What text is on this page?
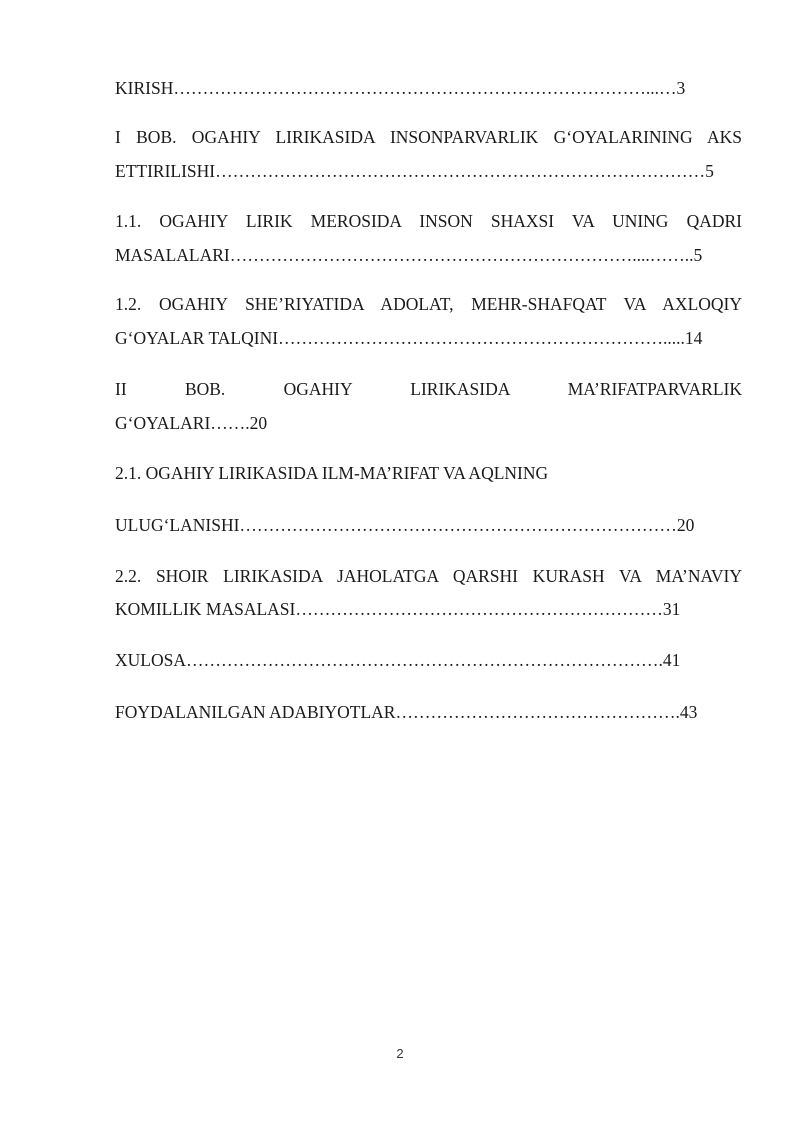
KIRISH………………………………………………………………………...…3
I BOB. OGAHIY LIRIKASIDA INSONPARVARLIK G‘OYALARINING AKS
ETTIRILISHI…………………………………………………………………………5
1.1. OGAHIY LIRIK MEROSIDA INSON SHAXSI VA UNING QADRI
MASALALARI……………………………………………………………....……..5
1.2. OGAHIY SHE’RIYATIDA ADOLAT, MEHR-SHAFQAT VA AXLOQIY
G‘OYALAR TALQINI………………………………………………………….....14
II BOB. OGAHIY LIRIKASIDA MA’RIFATPARVARLIK
G‘OYALARI…….20
2.1. OGAHIY LIRIKASIDA ILM-MA’RIFAT VA AQLNING
ULUG‘LANISHI…………………………………………………………………20
2.2. SHOIR LIRIKASIDA JAHOLATGA QARSHI KURASH VA MA’NAVIY
KOMILLIK MASALASI………………………………………………………31
XULOSA……………………………………………………………………….41
FOYDALANILGAN ADABIYOTLAR………………………………………….43
2
